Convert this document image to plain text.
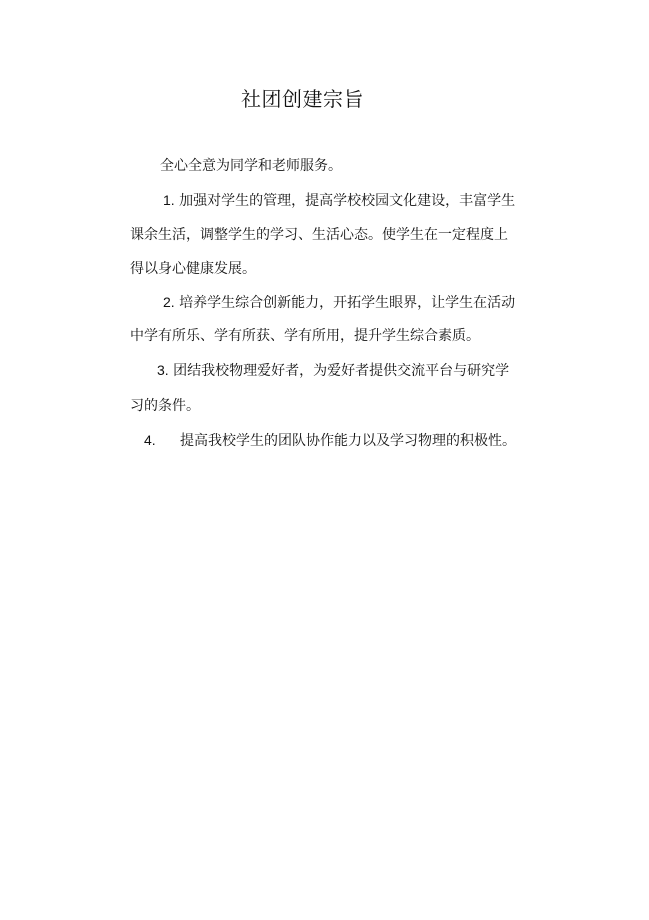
社团创建宗旨
全心全意为同学和老师服务。
1. 加强对学生的管理，提高学校校园文化建设，丰富学生
课余生活，调整学生的学习、生活心态。使学生在一定程度上
得以身心健康发展。
2. 培养学生综合创新能力，开拓学生眼界，让学生在活动
中学有所乐、学有所获、学有所用，提升学生综合素质。
3. 团结我校物理爱好者，为爱好者提供交流平台与研究学
习的条件。
4. 提高我校学生的团队协作能力以及学习物理的积极性。
